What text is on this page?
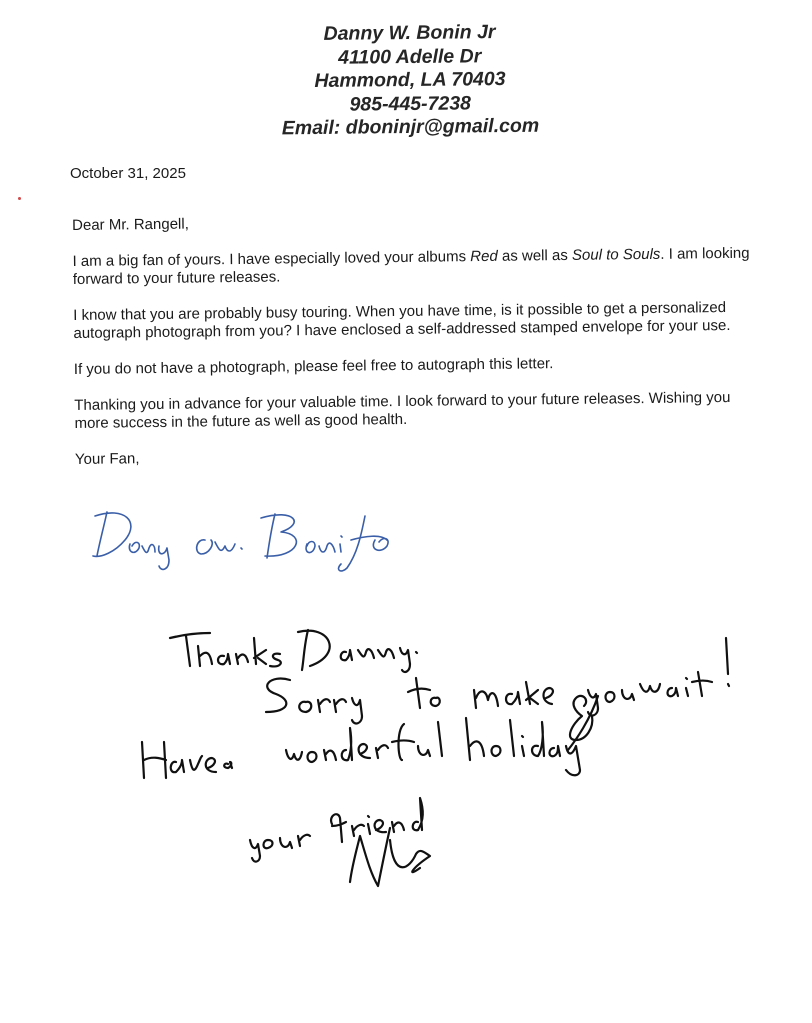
Danny W. Bonin Jr
41100 Adelle Dr
Hammond, LA 70403
985-445-7238
Email: dboninjr@gmail.com
October 31, 2025

Dear Mr. Rangell,

I am a big fan of yours. I have especially loved your albums Red as well as Soul to Souls. I am looking forward to your future releases.

I know that you are probably busy touring. When you have time, is it possible to get a personalized autograph photograph from you? I have enclosed a self-addressed stamped envelope for your use.

If you do not have a photograph, please feel free to autograph this letter.

Thanking you in advance for your valuable time. I look forward to your future releases. Wishing you more success in the future as well as good health.

Your Fan,
